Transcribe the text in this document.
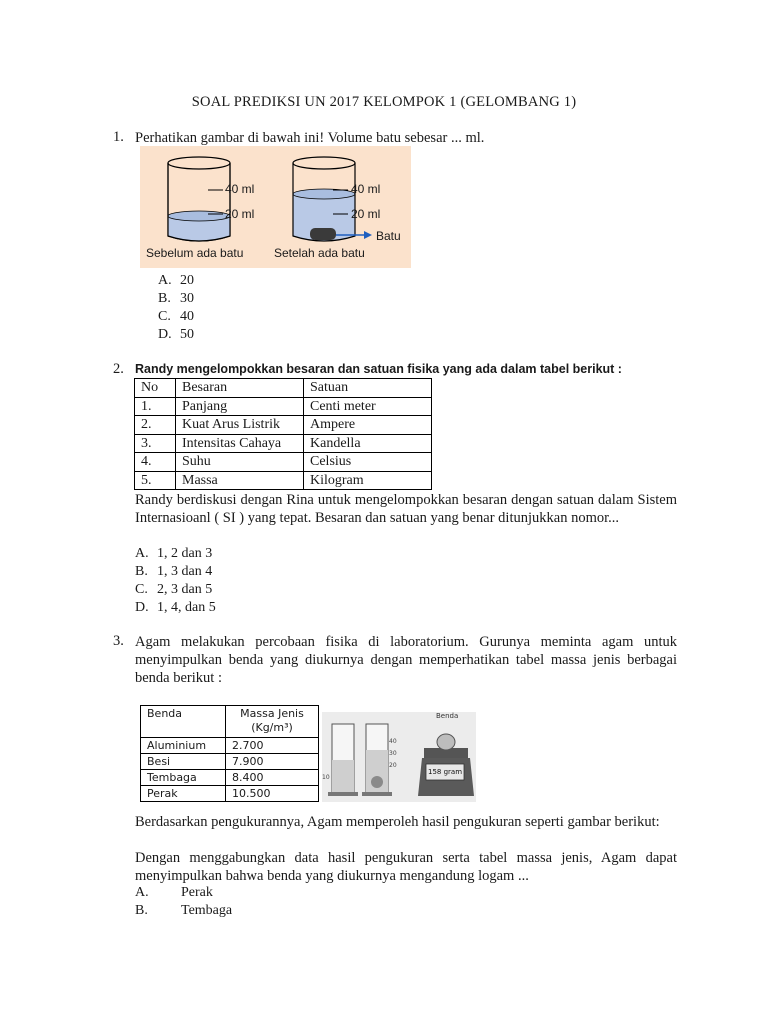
SOAL PREDIKSI UN 2017 KELOMPOK 1 (GELOMBANG 1)
1. Perhatikan gambar di bawah ini! Volume batu sebesar ... ml.
40 ml
20 ml
40 ml
20 ml
Batu
Sebelum ada batu	Setelah ada batu
A. 20
B. 30
C. 40
D. 50
2. Randy mengelompokkan besaran dan satuan fisika yang ada dalam tabel berikut :
No	Besaran	Satuan
1.	Panjang	Centi meter
2.	Kuat Arus Listrik	Ampere
3.	Intensitas Cahaya	Kandella
4.	Suhu	Celsius
5.	Massa	Kilogram
Randy berdiskusi dengan Rina untuk mengelompokkan besaran dengan satuan dalam Sistem Internasioanl ( SI ) yang tepat. Besaran dan satuan yang benar ditunjukkan nomor...
A. 1, 2 dan 3
B. 1, 3 dan 4
C. 2, 3 dan 5
D. 1, 4, dan 5
3. Agam melakukan percobaan fisika di laboratorium. Gurunya meminta agam untuk menyimpulkan benda yang diukurnya dengan memperhatikan tabel massa jenis berbagai benda berikut :
Benda	Massa Jenis
(Kg/m³)

Aluminium	2.700
Besi	7.900
Tembaga	8.400
Perak	10.500
Benda
158 gram
40
30
20
10
Berdasarkan pengukurannya, Agam memperoleh hasil pengukuran seperti gambar berikut:
Dengan menggabungkan data hasil pengukuran serta tabel massa jenis, Agam dapat menyimpulkan bahwa benda yang diukurnya mengandung logam ...
A. Perak
B. Tembaga
